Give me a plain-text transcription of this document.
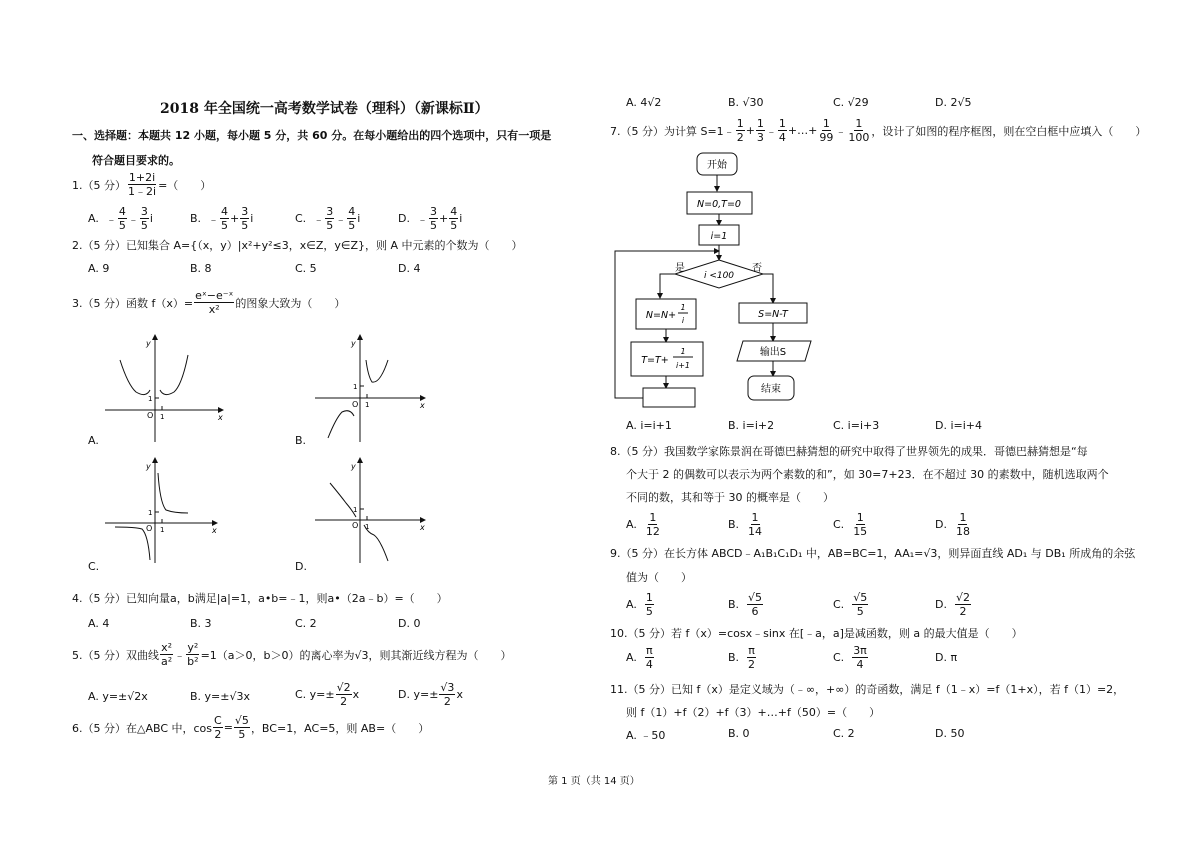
2018 年全国统一高考数学试卷（理科）（新课标Ⅱ）
一、选择题：本题共 12 小题，每小题 5 分，共 60 分。在每小题给出的四个选项中，只有一项是
符合题目要求的。
1.（5 分） $\frac{1+2i}{1﹣2i}$ =（　　）
A.
﹣ $\frac{4}{5}$ ﹣ $\frac{3}{5}$ i	B.
﹣ $\frac{4}{5} + \frac{3}{5}$ i	C.
﹣ $\frac{3}{5}$ ﹣ $\frac{4}{5}$ i	D.
﹣ $\frac{3}{5} + \frac{4}{5}$ i
2.（5 分）已知集合 A={（x，y）|x²+y²≤3，x∈Z，y∈Z}，则 A 中元素的个数为（　　）
A. 9	B. 8	C. 5	D. 4
3.（5 分）函数 $f(x)= \frac{\text{eˣ−e⁻ˣ}}{\text{x²}}$ 的图象大致为（　　）
y
x
O 1
1
A.
y
x
O 1
1
B.
y
x
O 1
1
C.
y
x
O 1
1
D.
4.（5 分）已知向量a，b满足|a|=1，a•b=﹣1，则a•（2a﹣b）=（　　）
A. 4	B. 3	C. 2	D. 0
5.（5 分）双曲线 $\frac{\text{x²}}{\text{a²}}$ ﹣ $\frac{\text{y²}}{\text{b²}} =1(a>0$，b＞0）的离心率为√3，则其渐近线方程为（　　）
A. y=±√2x	B. y=±√3x	C. $y=\pm \frac{√2}{2}$ x	D. $y=\pm \frac{√3}{2}$ x
6.（5 分）在△ABC 中，$\cos \frac{C}{2} = \frac{√5}{5}$ ，BC=1，AC=5，则 AB=（　　）
A. 4√2	B. √30	C. √29	D. 2√5
7.（5 分）为计算 S=1﹣ $\frac{1}{2} + \frac{1}{3}$ ﹣ $\frac{1}{4}$ +…+ $\frac{1}{99}$ ﹣ $\frac{1}{100}$ ，设计了如图的程序框图，则在空白框中应填入（　　）
开始
N=0,T=0
i=1
i <100
是	否
N=N+
1
i
T=T+
1
i+1
S=N-T
输出S
结束
A. i=i+1	B. i=i+2	C. i=i+3	D. i=i+4
8.（5 分）我国数学家陈景润在哥德巴赫猜想的研究中取得了世界领先的成果．哥德巴赫猜想是“每
个大于 2 的偶数可以表示为两个素数的和”，如 30=7+23．在不超过 30 的素数中，随机选取两个
不同的数，其和等于 30 的概率是（　　）
A.
$\frac{1}{12}$	B.
$\frac{1}{14}$	C.
$\frac{1}{15}$	D.
$\frac{1}{18}$
9.（5 分）在长方体 ABCD﹣A₁B₁C₁D₁ 中，AB=BC=1，AA₁=√3，则异面直线 AD₁ 与 DB₁ 所成角的余弦
值为（　　）
A.
$\frac{1}{5}$	B.
$\frac{√5}{6}$	C.
$\frac{√5}{5}$	D.
$\frac{√2}{2}$
10.（5 分）若 f（x）=cosx﹣sinx 在[﹣a，a]是减函数，则 a 的最大值是（　　）
A.
$\frac{\pi}{4}$	B.
$\frac{\pi}{2}$	C.
$\frac{3\pi}{4}$	D. π
11.（5 分）已知 f（x）是定义域为（﹣∞，+∞）的奇函数，满足 f（1﹣x）=f（1+x），若 f（1）=2，
则 f（1）+f（2）+f（3）+…+f（50）=（　　）
A. ﹣50	B. 0	C. 2	D. 50
第 1 页（共 14 页）
